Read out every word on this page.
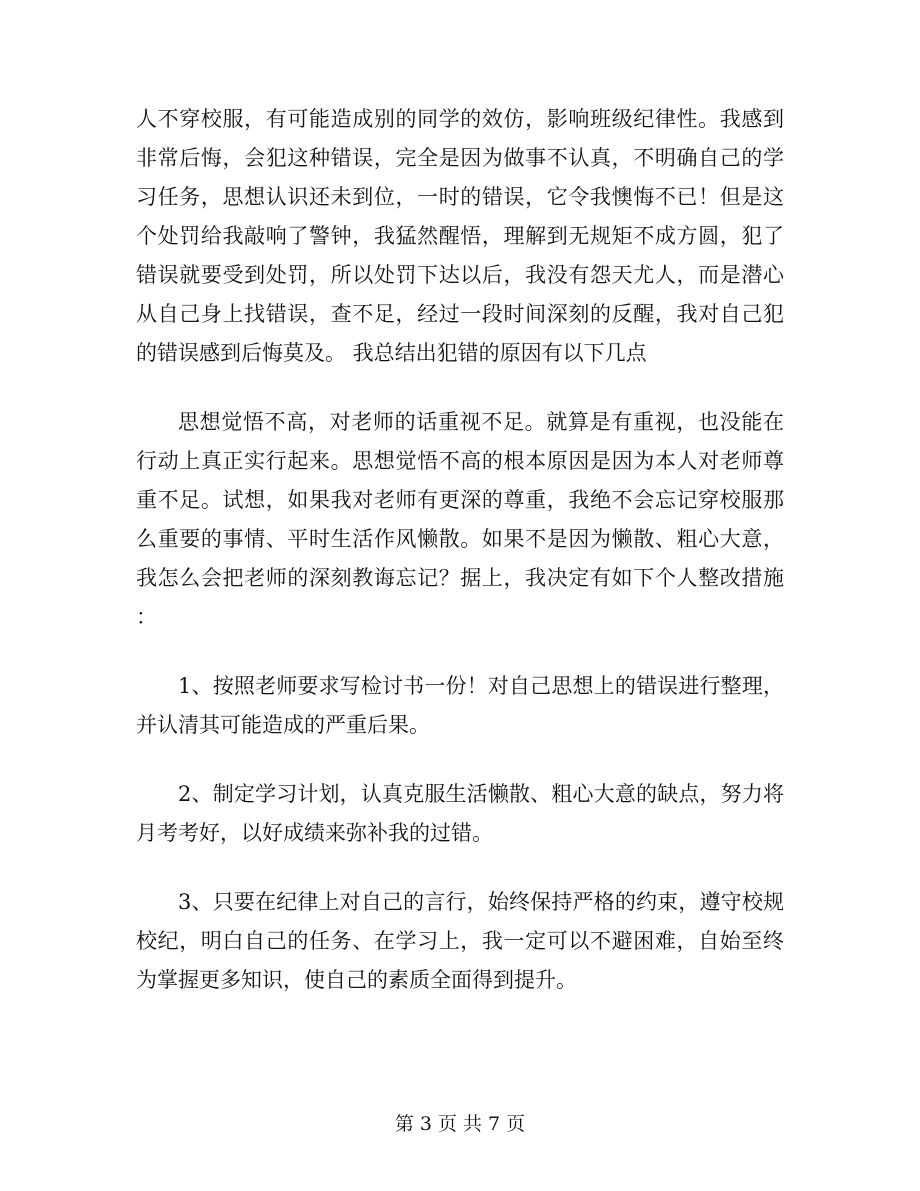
人不穿校服，有可能造成别的同学的效仿，影响班级纪律性。我感到非常后悔，会犯这种错误，完全是因为做事不认真，不明确自己的学习任务，思想认识还未到位，一时的错误，它令我懊悔不已！但是这个处罚给我敲响了警钟，我猛然醒悟，理解到无规矩不成方圆，犯了错误就要受到处罚，所以处罚下达以后，我没有怨天尤人，而是潜心从自己身上找错误，查不足，经过一段时间深刻的反醒，我对自己犯的错误感到后悔莫及。 我总结出犯错的原因有以下几点

思想觉悟不高，对老师的话重视不足。就算是有重视，也没能在行动上真正实行起来。思想觉悟不高的根本原因是因为本人对老师尊重不足。试想，如果我对老师有更深的尊重，我绝不会忘记穿校服那么重要的事情、平时生活作风懒散。如果不是因为懒散、粗心大意，我怎么会把老师的深刻教诲忘记？据上，我决定有如下个人整改措施：

1、按照老师要求写检讨书一份！对自己思想上的错误进行整理，并认清其可能造成的严重后果。

2、制定学习计划，认真克服生活懒散、粗心大意的缺点，努力将月考考好，以好成绩来弥补我的过错。

3、只要在纪律上对自己的言行，始终保持严格的约束，遵守校规校纪，明白自己的任务、在学习上，我一定可以不避困难，自始至终为掌握更多知识，使自己的素质全面得到提升。

第 3 页 共 7 页
